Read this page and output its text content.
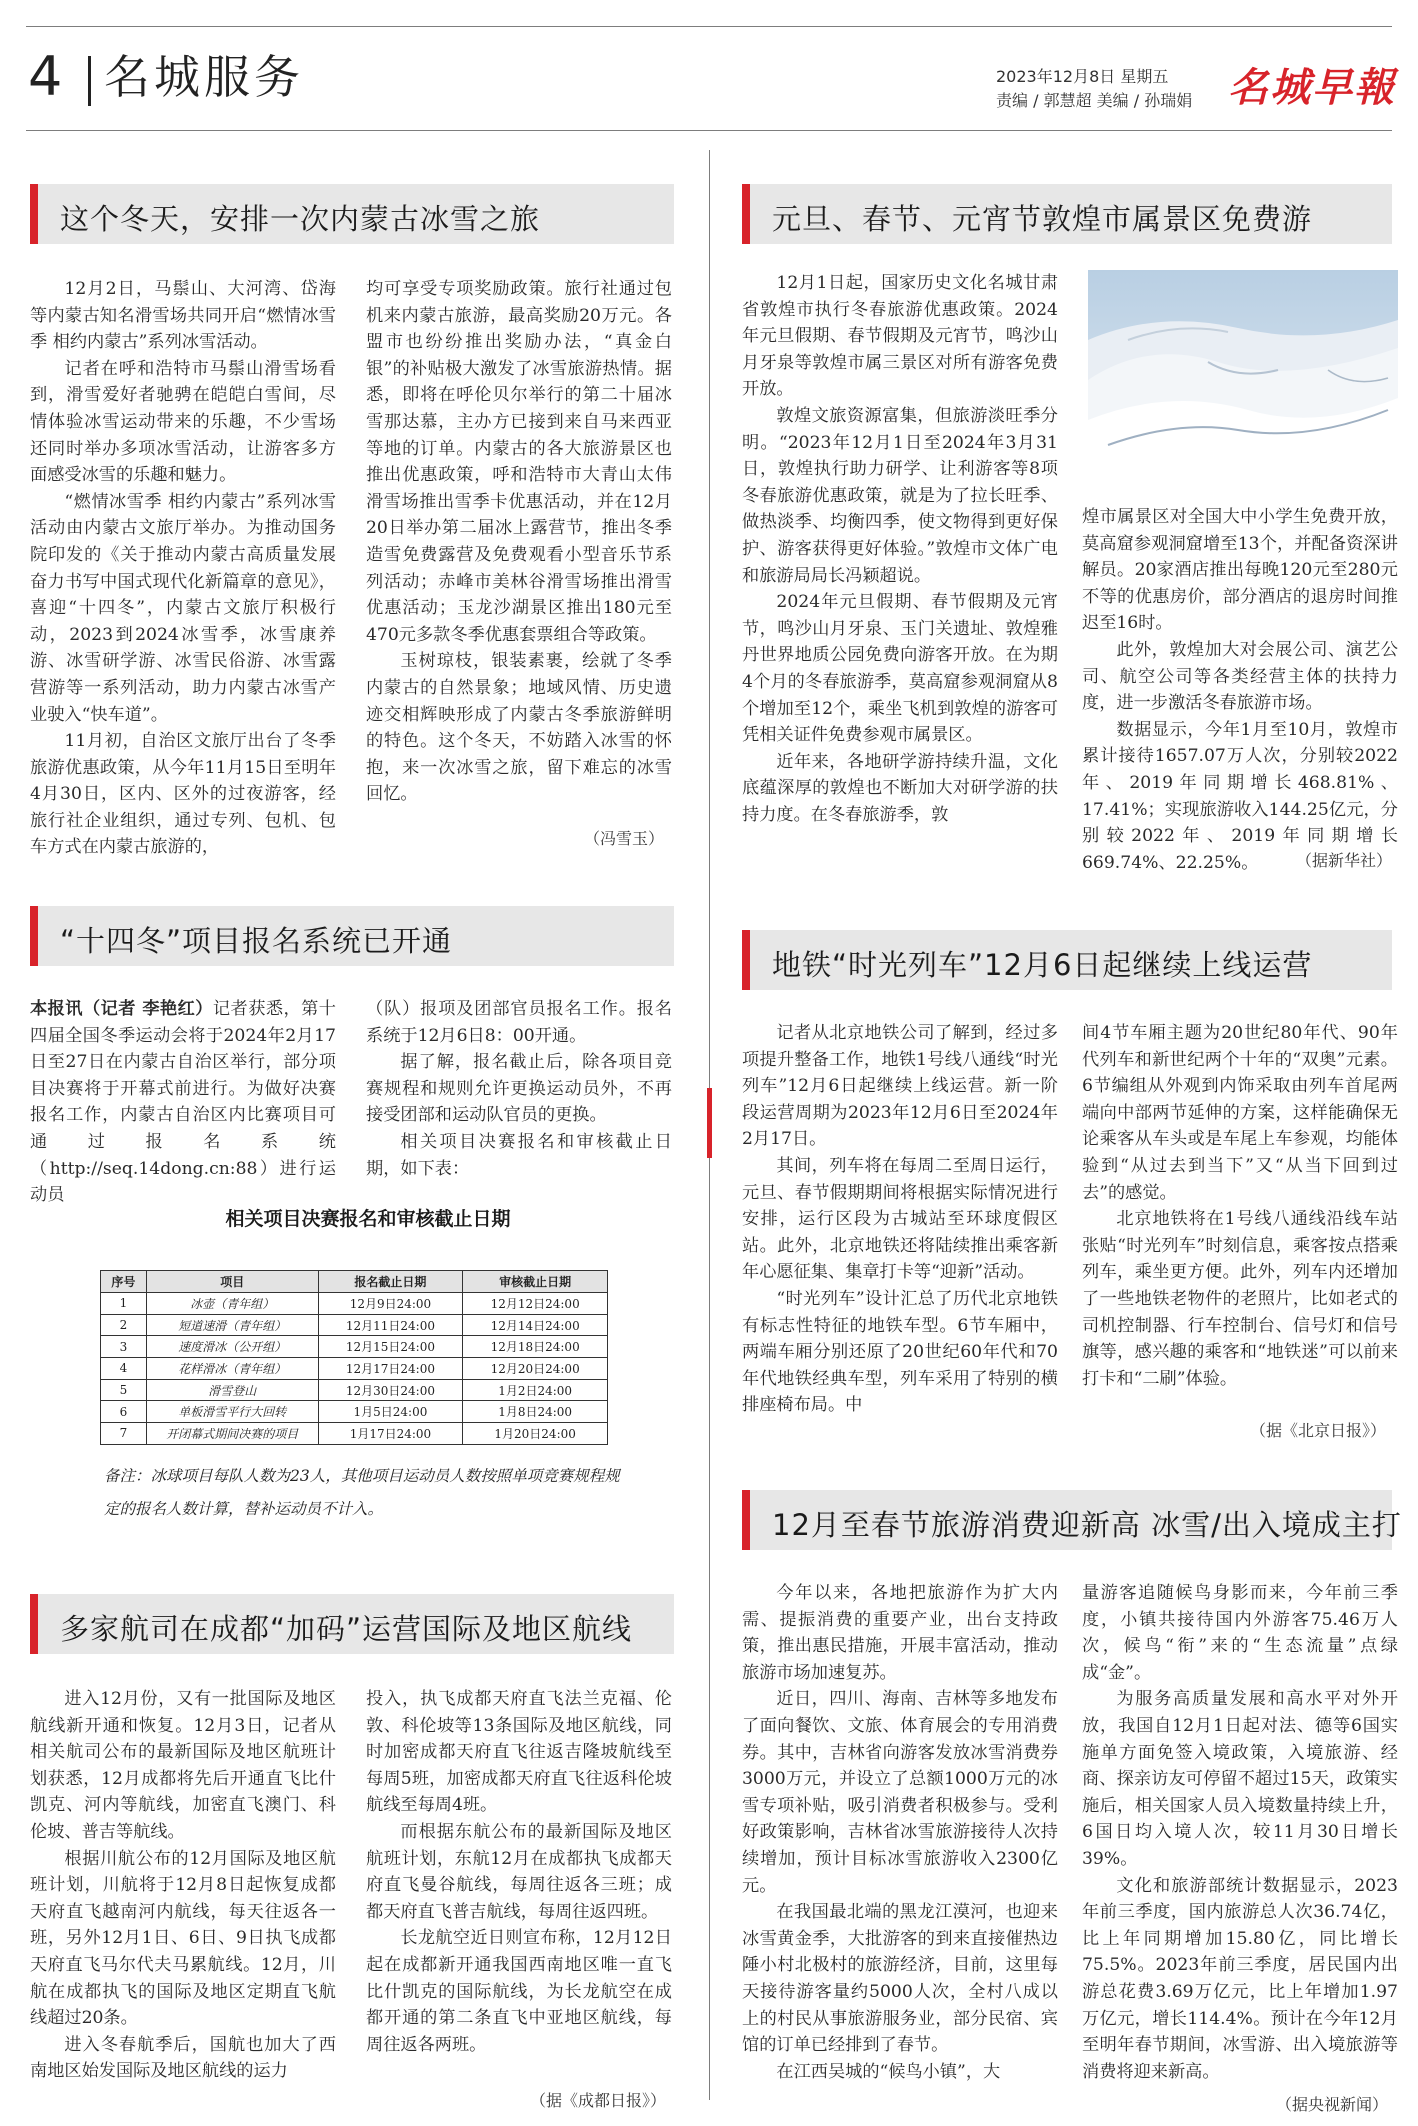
4 名城服务	2023年12月8日 星期五
责编 / 郭慧超 美编 / 孙瑞娟 名城早報
这个冬天，安排一次内蒙古冰雪之旅

12月2日，马鬃山、大河湾、岱海等内蒙古知名滑雪场共同开启“燃情冰雪季 相约内蒙古”系列冰雪活动。

记者在呼和浩特市马鬃山滑雪场看到，滑雪爱好者驰骋在皑皑白雪间，尽情体验冰雪运动带来的乐趣，不少雪场还同时举办多项冰雪活动，让游客多方面感受冰雪的乐趣和魅力。

“燃情冰雪季 相约内蒙古”系列冰雪活动由内蒙古文旅厅举办。为推动国务院印发的《关于推动内蒙古高质量发展奋力书写中国式现代化新篇章的意见》，喜迎“十四冬”，内蒙古文旅厅积极行动，2023到2024冰雪季，冰雪康养游、冰雪研学游、冰雪民俗游、冰雪露营游等一系列活动，助力内蒙古冰雪产业驶入“快车道”。

11月初，自治区文旅厅出台了冬季旅游优惠政策，从今年11月15日至明年4月30日，区内、区外的过夜游客，经旅行社企业组织，通过专列、包机、包车方式在内蒙古旅游的，

均可享受专项奖励政策。旅行社通过包机来内蒙古旅游，最高奖励20万元。各盟市也纷纷推出奖励办法，“真金白银”的补贴极大激发了冰雪旅游热情。据悉，即将在呼伦贝尔举行的第二十届冰雪那达慕，主办方已接到来自马来西亚等地的订单。内蒙古的各大旅游景区也推出优惠政策，呼和浩特市大青山太伟滑雪场推出雪季卡优惠活动，并在12月20日举办第二届冰上露营节，推出冬季造雪免费露营及免费观看小型音乐节系列活动；赤峰市美林谷滑雪场推出滑雪优惠活动；玉龙沙湖景区推出180元至470元多款冬季优惠套票组合等政策。

玉树琼枝，银装素裹，绘就了冬季内蒙古的自然景象；地域风情、历史遗迹交相辉映形成了内蒙古冬季旅游鲜明的特色。这个冬天，不妨踏入冰雪的怀抱，来一次冰雪之旅，留下难忘的冰雪回忆。

（冯雪玉）
“十四冬”项目报名系统已开通

本报讯（记者 李艳红）记者获悉，第十四届全国冬季运动会将于2024年2月17日至27日在内蒙古自治区举行，部分项目决赛将于开幕式前进行。为做好决赛报名工作，内蒙古自治区内比赛项目可通过报名系统（http://seq.14dong.cn:88）进行运动员

（队）报项及团部官员报名工作。报名系统于12月6日8：00开通。

据了解，报名截止后，除各项目竞赛规程和规则允许更换运动员外，不再接受团部和运动队官员的更换。

相关项目决赛报名和审核截止日期，如下表：

相关项目决赛报名和审核截止日期
序号	项目	报名截止日期	审核截止日期
1	冰壶（青年组）	12月9日24:00	12月12日24:00
2	短道速滑（青年组）	12月11日24:00	12月14日24:00
3	速度滑冰（公开组）	12月15日24:00	12月18日24:00
4	花样滑冰（青年组）	12月17日24:00	12月20日24:00
5	滑雪登山	12月30日24:00	1月2日24:00
6	单板滑雪平行大回转	1月5日24:00	1月8日24:00
7	开闭幕式期间决赛的项目	1月17日24:00	1月20日24:00
备注：冰球项目每队人数为23人，其他项目运动员人数按照单项竞赛规程规定的报名人数计算，替补运动员不计入。
多家航司在成都“加码”运营国际及地区航线

进入12月份，又有一批国际及地区航线新开通和恢复。12月3日，记者从相关航司公布的最新国际及地区航班计划获悉，12月成都将先后开通直飞比什凯克、河内等航线，加密直飞澳门、科伦坡、普吉等航线。

根据川航公布的12月国际及地区航班计划，川航将于12月8日起恢复成都天府直飞越南河内航线，每天往返各一班，另外12月1日、6日、9日执飞成都天府直飞马尔代夫马累航线。12月，川航在成都执飞的国际及地区定期直飞航线超过20条。

进入冬春航季后，国航也加大了西南地区始发国际及地区航线的运力

投入，执飞成都天府直飞法兰克福、伦敦、科伦坡等13条国际及地区航线，同时加密成都天府直飞往返吉隆坡航线至每周5班，加密成都天府直飞往返科伦坡航线至每周4班。

而根据东航公布的最新国际及地区航班计划，东航12月在成都执飞成都天府直飞曼谷航线，每周往返各三班；成都天府直飞普吉航线，每周往返四班。

长龙航空近日则宣布称，12月12日起在成都新开通我国西南地区唯一直飞比什凯克的国际航线，为长龙航空在成都开通的第二条直飞中亚地区航线，每周往返各两班。

（据《成都日报》）
元旦、春节、元宵节敦煌市属景区免费游

12月1日起，国家历史文化名城甘肃省敦煌市执行冬春旅游优惠政策。2024年元旦假期、春节假期及元宵节，鸣沙山月牙泉等敦煌市属三景区对所有游客免费开放。

敦煌文旅资源富集，但旅游淡旺季分明。“2023年12月1日至2024年3月31日，敦煌执行助力研学、让利游客等8项冬春旅游优惠政策，就是为了拉长旺季、做热淡季、均衡四季，使文物得到更好保护、游客获得更好体验。”敦煌市文体广电和旅游局局长冯颖超说。

2024年元旦假期、春节假期及元宵节，鸣沙山月牙泉、玉门关遗址、敦煌雅丹世界地质公园免费向游客开放。在为期4个月的冬春旅游季，莫高窟参观洞窟从8个增加至12个，乘坐飞机到敦煌的游客可凭相关证件免费参观市属景区。

近年来，各地研学游持续升温，文化底蕴深厚的敦煌也不断加大对研学游的扶持力度。在冬春旅游季，敦

煌市属景区对全国大中小学生免费开放，莫高窟参观洞窟增至13个，并配备资深讲解员。20家酒店推出每晚120元至280元不等的优惠房价，部分酒店的退房时间推迟至16时。

此外，敦煌加大对会展公司、演艺公司、航空公司等各类经营主体的扶持力度，进一步激活冬春旅游市场。

数据显示，今年1月至10月，敦煌市累计接待1657.07万人次，分别较2022年、2019年同期增长468.81%、17.41%；实现旅游收入144.25亿元，分别较2022年、2019年同期增长669.74%、22.25%。	（据新华社）
地铁“时光列车”12月6日起继续上线运营

记者从北京地铁公司了解到，经过多项提升整备工作，地铁1号线八通线“时光列车”12月6日起继续上线运营。新一阶段运营周期为2023年12月6日至2024年2月17日。

其间，列车将在每周二至周日运行，元旦、春节假期期间将根据实际情况进行安排，运行区段为古城站至环球度假区站。此外，北京地铁还将陆续推出乘客新年心愿征集、集章打卡等“迎新”活动。

“时光列车”设计汇总了历代北京地铁有标志性特征的地铁车型。6节车厢中，两端车厢分别还原了20世纪60年代和70年代地铁经典车型，列车采用了特别的横排座椅布局。中

间4节车厢主题为20世纪80年代、90年代列车和新世纪两个十年的“双奥”元素。6节编组从外观到内饰采取由列车首尾两端向中部两节延伸的方案，这样能确保无论乘客从车头或是车尾上车参观，均能体验到“从过去到当下”又“从当下回到过去”的感觉。

北京地铁将在1号线八通线沿线车站张贴“时光列车”时刻信息，乘客按点搭乘列车，乘坐更方便。此外，列车内还增加了一些地铁老物件的老照片，比如老式的司机控制器、行车控制台、信号灯和信号旗等，感兴趣的乘客和“地铁迷”可以前来打卡和“二刷”体验。

（据《北京日报》）
12月至春节旅游消费迎新高 冰雪/出入境成主打

今年以来，各地把旅游作为扩大内需、提振消费的重要产业，出台支持政策，推出惠民措施，开展丰富活动，推动旅游市场加速复苏。

近日，四川、海南、吉林等多地发布了面向餐饮、文旅、体育展会的专用消费券。其中，吉林省向游客发放冰雪消费券3000万元，并设立了总额1000万元的冰雪专项补贴，吸引消费者积极参与。受利好政策影响，吉林省冰雪旅游接待人次持续增加，预计目标冰雪旅游收入2300亿元。

在我国最北端的黑龙江漠河，也迎来冰雪黄金季，大批游客的到来直接催热边陲小村北极村的旅游经济，目前，这里每天接待游客量约5000人次，全村八成以上的村民从事旅游服务业，部分民宿、宾馆的订单已经排到了春节。

在江西吴城的“候鸟小镇”，大

量游客追随候鸟身影而来，今年前三季度，小镇共接待国内外游客75.46万人次，候鸟“衔”来的“生态流量”点绿成“金”。

为服务高质量发展和高水平对外开放，我国自12月1日起对法、德等6国实施单方面免签入境政策，入境旅游、经商、探亲访友可停留不超过15天，政策实施后，相关国家人员入境数量持续上升，6国日均入境人次，较11月30日增长39%。

文化和旅游部统计数据显示，2023年前三季度，国内旅游总人次36.74亿，比上年同期增加15.80亿，同比增长75.5%。2023年前三季度，居民国内出游总花费3.69万亿元，比上年增加1.97万亿元，增长114.4%。预计在今年12月至明年春节期间，冰雪游、出入境旅游等消费将迎来新高。

（据央视新闻）
